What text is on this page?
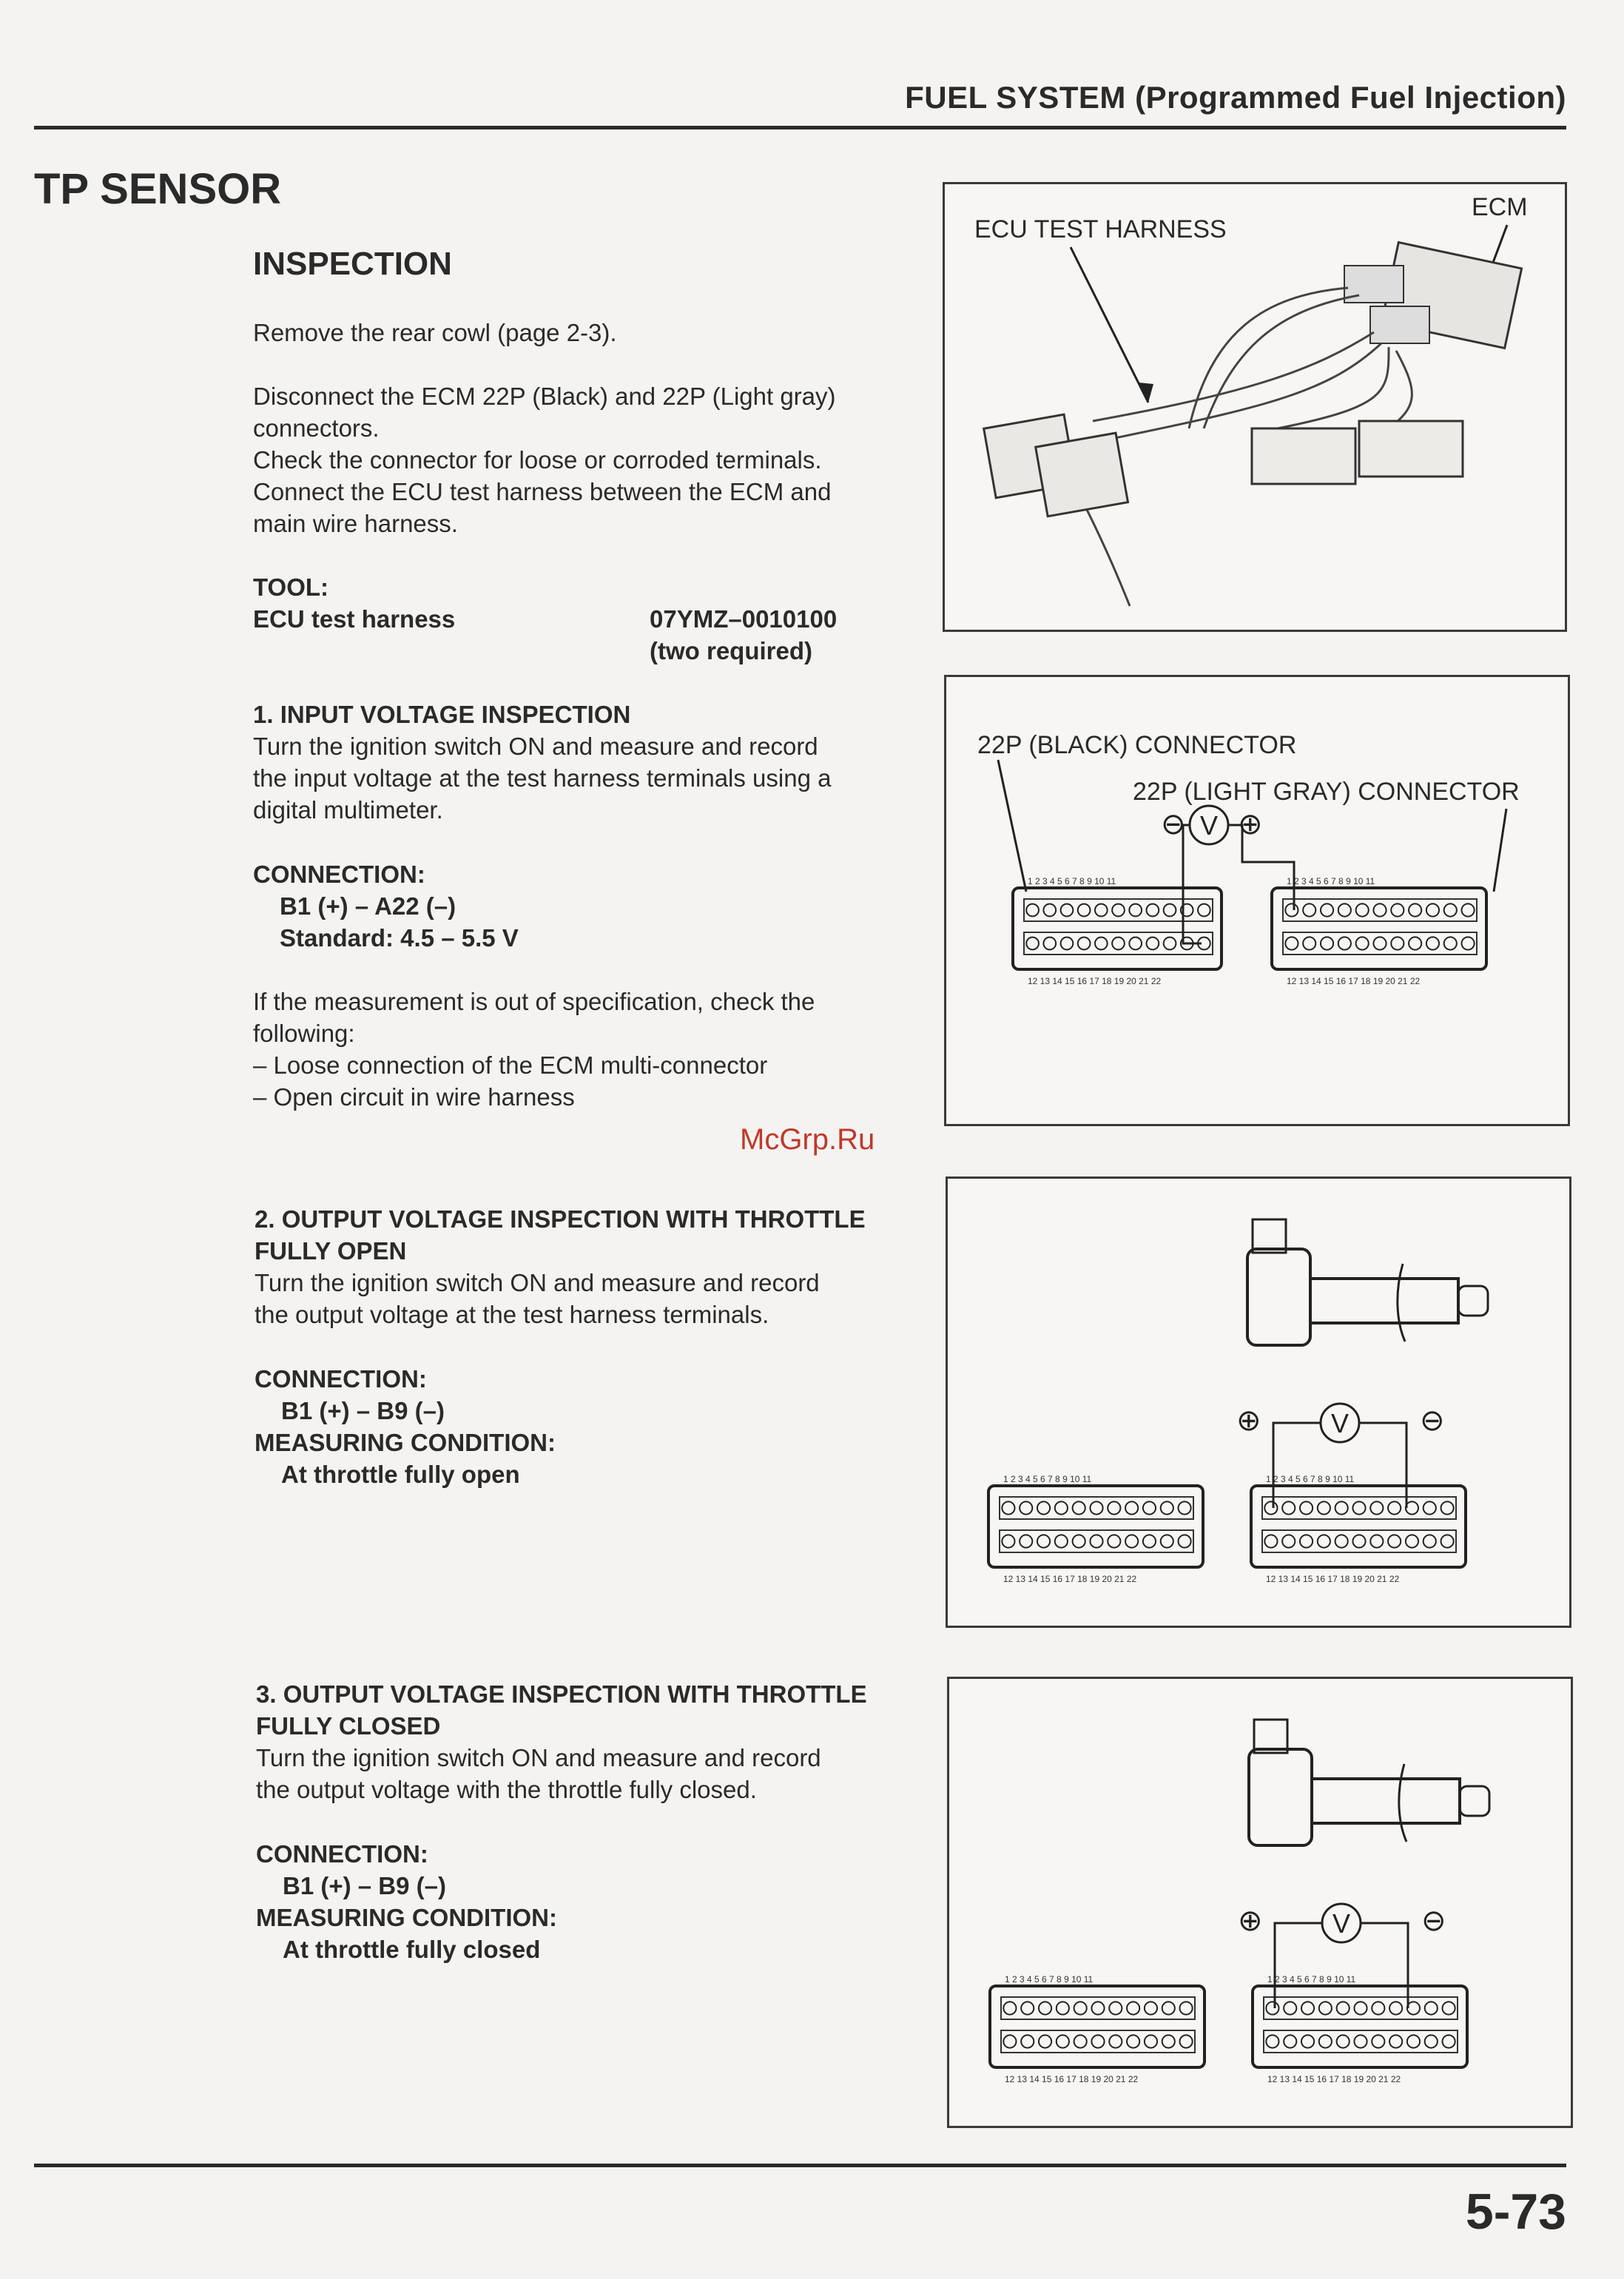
FUEL SYSTEM (Programmed Fuel Injection)
TP SENSOR
INSPECTION
Remove the rear cowl (page 2-3).
Disconnect the ECM 22P (Black) and 22P (Light gray)
connectors.
Check the connector for loose or corroded terminals.
Connect the ECU test harness between the ECM and
main wire harness.
TOOL:
ECU test harness	07YMZ–0010100
(two required)
1. INPUT VOLTAGE INSPECTION
Turn the ignition switch ON and measure and record
the input voltage at the test harness terminals using a
digital multimeter.
CONNECTION:
B1 (+) – A22 (–)
Standard: 4.5 – 5.5 V
If the measurement is out of specification, check the
following:
– Loose connection of the ECM multi-connector
– Open circuit in wire harness
McGrp.Ru
2. OUTPUT VOLTAGE INSPECTION WITH THROTTLE
FULLY OPEN
Turn the ignition switch ON and measure and record
the output voltage at the test harness terminals.
CONNECTION:
B1 (+) – B9 (–)
MEASURING CONDITION:
At throttle fully open
3. OUTPUT VOLTAGE INSPECTION WITH THROTTLE
FULLY CLOSED
Turn the ignition switch ON and measure and record
the output voltage with the throttle fully closed.
CONNECTION:
B1 (+) – B9 (–)
MEASURING CONDITION:
At throttle fully closed
ECU TEST HARNESS
ECM
22P (BLACK) CONNECTOR
22P (LIGHT GRAY) CONNECTOR
⊖ V ⊕
1 2 3 4 5 6 7 8 9 10 11
12 13 14 15 16 17 18 19 20 21 22
1 2 3 4 5 6 7 8 9 10 11
12 13 14 15 16 17 18 19 20 21 22
⊕	V ⊖
1 2 3 4 5 6 7 8 9 10 11
12 13 14 15 16 17 18 19 20 21 22
1 2 3 4 5 6 7 8 9 10 11
12 13 14 15 16 17 18 19 20 21 22
⊕	V ⊖
1 2 3 4 5 6 7 8 9 10 11
12 13 14 15 16 17 18 19 20 21 22
1 2 3 4 5 6 7 8 9 10 11
12 13 14 15 16 17 18 19 20 21 22
5-73
